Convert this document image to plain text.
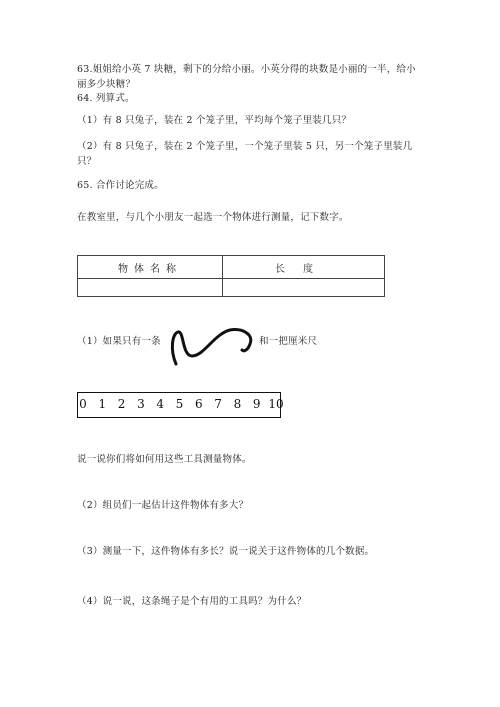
63.姐姐给小英 7 块糖，剩下的分给小丽。小英分得的块数是小丽的一半，给小
丽多少块糖？
64. 列算式。
（1）有 8 只兔子，装在 2 个笼子里，平均每个笼子里装几只？
（2）有 8 只兔子，装在 2 个笼子里，一个笼子里装 5 只，另一个笼子里装几
只？
65. 合作讨论完成。
在教室里，与几个小朋友一起选一个物体进行测量，记下数字。
物体名称	长度
（1）如果只有一条	和一把厘米尺
0 1 2 3 4 5 6 7 8 9 10
说一说你们将如何用这些工具测量物体。
（2）组员们一起估计这件物体有多大？
（3）测量一下，这件物体有多长？说一说关于这件物体的几个数据。
（4）说一说，这条绳子是个有用的工具吗？为什么？
